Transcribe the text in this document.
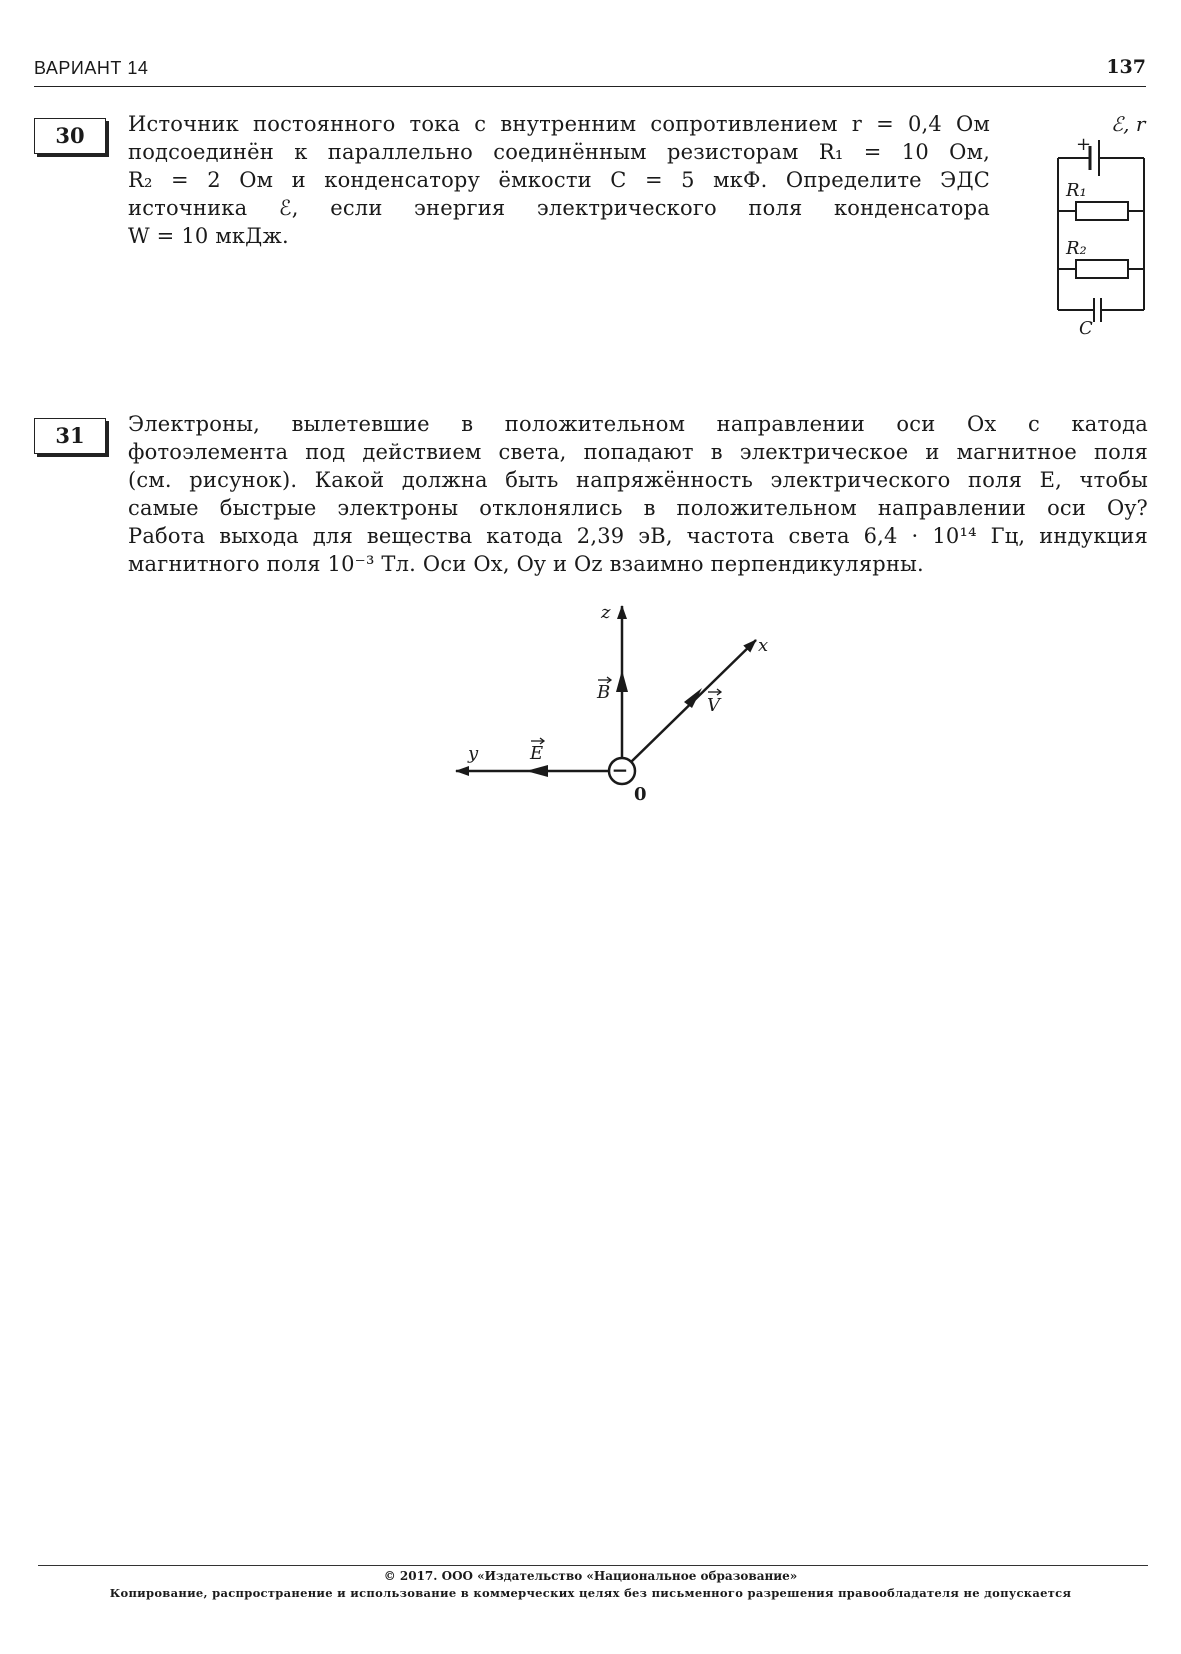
ВАРИАНТ 14	137
30	Источник постоянного тока с внутренним сопротивлением r = 0,4 Ом

подсоединён к параллельно соединённым резисторам R₁ = 10 Ом,

R₂ = 2 Ом и конденсатору ёмкости C = 5 мкФ. Определите ЭДС

источника ℰ, если энергия электрического поля конденсатора

W = 10 мкДж.

ℰ, r
+
R₁
R₂
C
31	Электроны, вылетевшие в положительном направлении оси Ox с катода

фотоэлемента под действием света, попадают в электрическое и магнитное поля

(см. рисунок). Какой должна быть напряжённость электрического поля E, чтобы

самые быстрые электроны отклонялись в положительном направлении оси Oy?

Работа выхода для вещества катода 2,39 эВ, частота света 6,4 · 10¹⁴ Гц, индукция

магнитного поля 10⁻³ Тл. Оси Ox, Oy и Oz взаимно перпендикулярны.

−
z
x
y
B
V
E
0
© 2017. ООО «Издательство «Национальное образование»
Копирование, распространение и использование в коммерческих целях без письменного разрешения правообладателя не допускается
